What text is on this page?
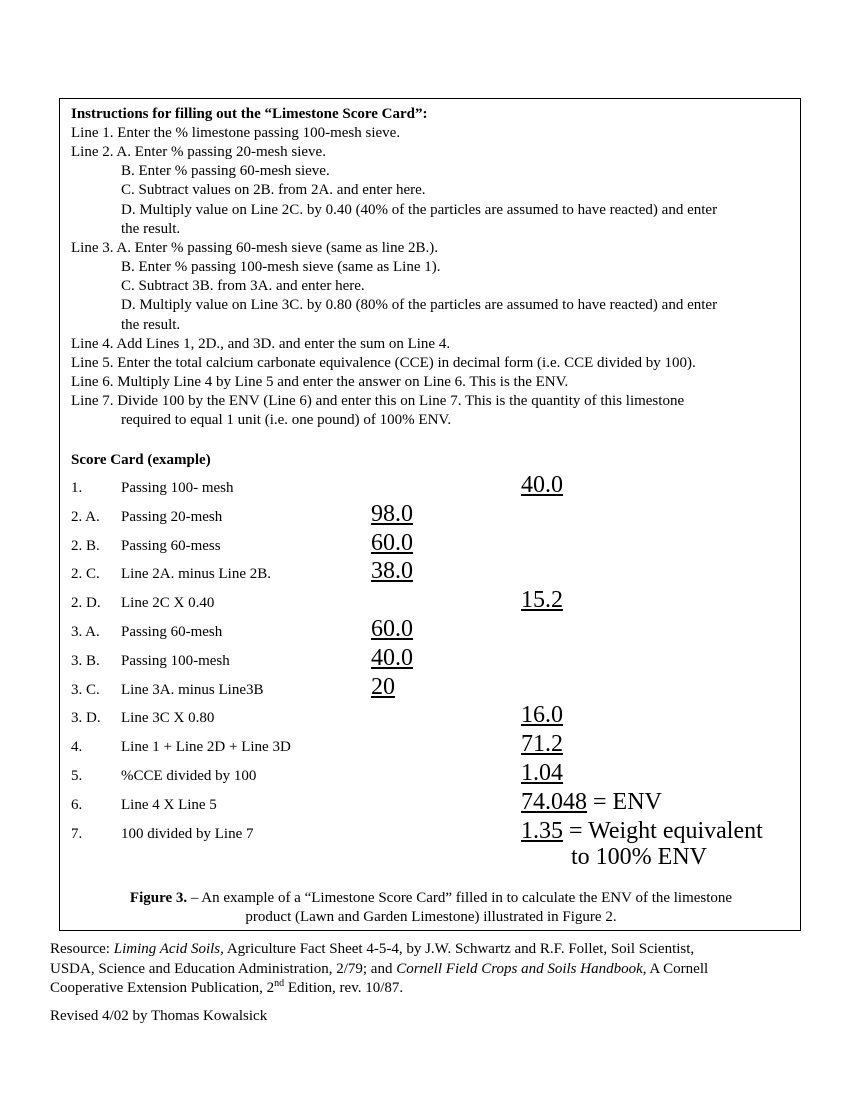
Instructions for filling out the “Limestone Score Card”:
Line 1. Enter the % limestone passing 100-mesh sieve.
Line 2. A. Enter % passing 20-mesh sieve.
B. Enter % passing 60-mesh sieve.
C. Subtract values on 2B. from 2A. and enter here.
D. Multiply value on Line 2C. by 0.40 (40% of the particles are assumed to have reacted) and enter
the result.
Line 3. A. Enter % passing 60-mesh sieve (same as line 2B.).
B. Enter % passing 100-mesh sieve (same as Line 1).
C. Subtract 3B. from 3A. and enter here.
D. Multiply value on Line 3C. by 0.80 (80% of the particles are assumed to have reacted) and enter
the result.
Line 4. Add Lines 1, 2D., and 3D. and enter the sum on Line 4.
Line 5. Enter the total calcium carbonate equivalence (CCE) in decimal form (i.e. CCE divided by 100).
Line 6. Multiply Line 4 by Line 5 and enter the answer on Line 6. This is the ENV.
Line 7. Divide 100 by the ENV (Line 6) and enter this on Line 7. This is the quantity of this limestone
required to equal 1 unit (i.e. one pound) of 100% ENV.
Score Card (example)
1.	Passing 100- mesh	40.0
2. A. Passing 20-mesh	98.0
2. B. Passing 60-mess	60.0
2. C. Line 2A. minus Line 2B.	38.0
2. D. Line 2C X 0.40	15.2
3. A. Passing 60-mesh	60.0
3. B. Passing 100-mesh	40.0
3. C. Line 3A. minus Line3B	20
3. D. Line 3C X 0.80	16.0
4.	Line 1 + Line 2D + Line 3D	71.2
5.	%CCE divided by 100	1.04
6.	Line 4 X Line 5	74.048 = ENV
7.	100 divided by Line 7	1.35 = Weight equivalent
to 100% ENV
Figure 3. – An example of a “Limestone Score Card” filled in to calculate the ENV of the limestone
product (Lawn and Garden Limestone) illustrated in Figure 2.
Resource: Liming Acid Soils, Agriculture Fact Sheet 4-5-4, by J.W. Schwartz and R.F. Follet, Soil Scientist,
USDA, Science and Education Administration, 2/79; and Cornell Field Crops and Soils Handbook, A Cornell
Cooperative Extension Publication, 2nd Edition, rev. 10/87.
Revised 4/02 by Thomas Kowalsick
